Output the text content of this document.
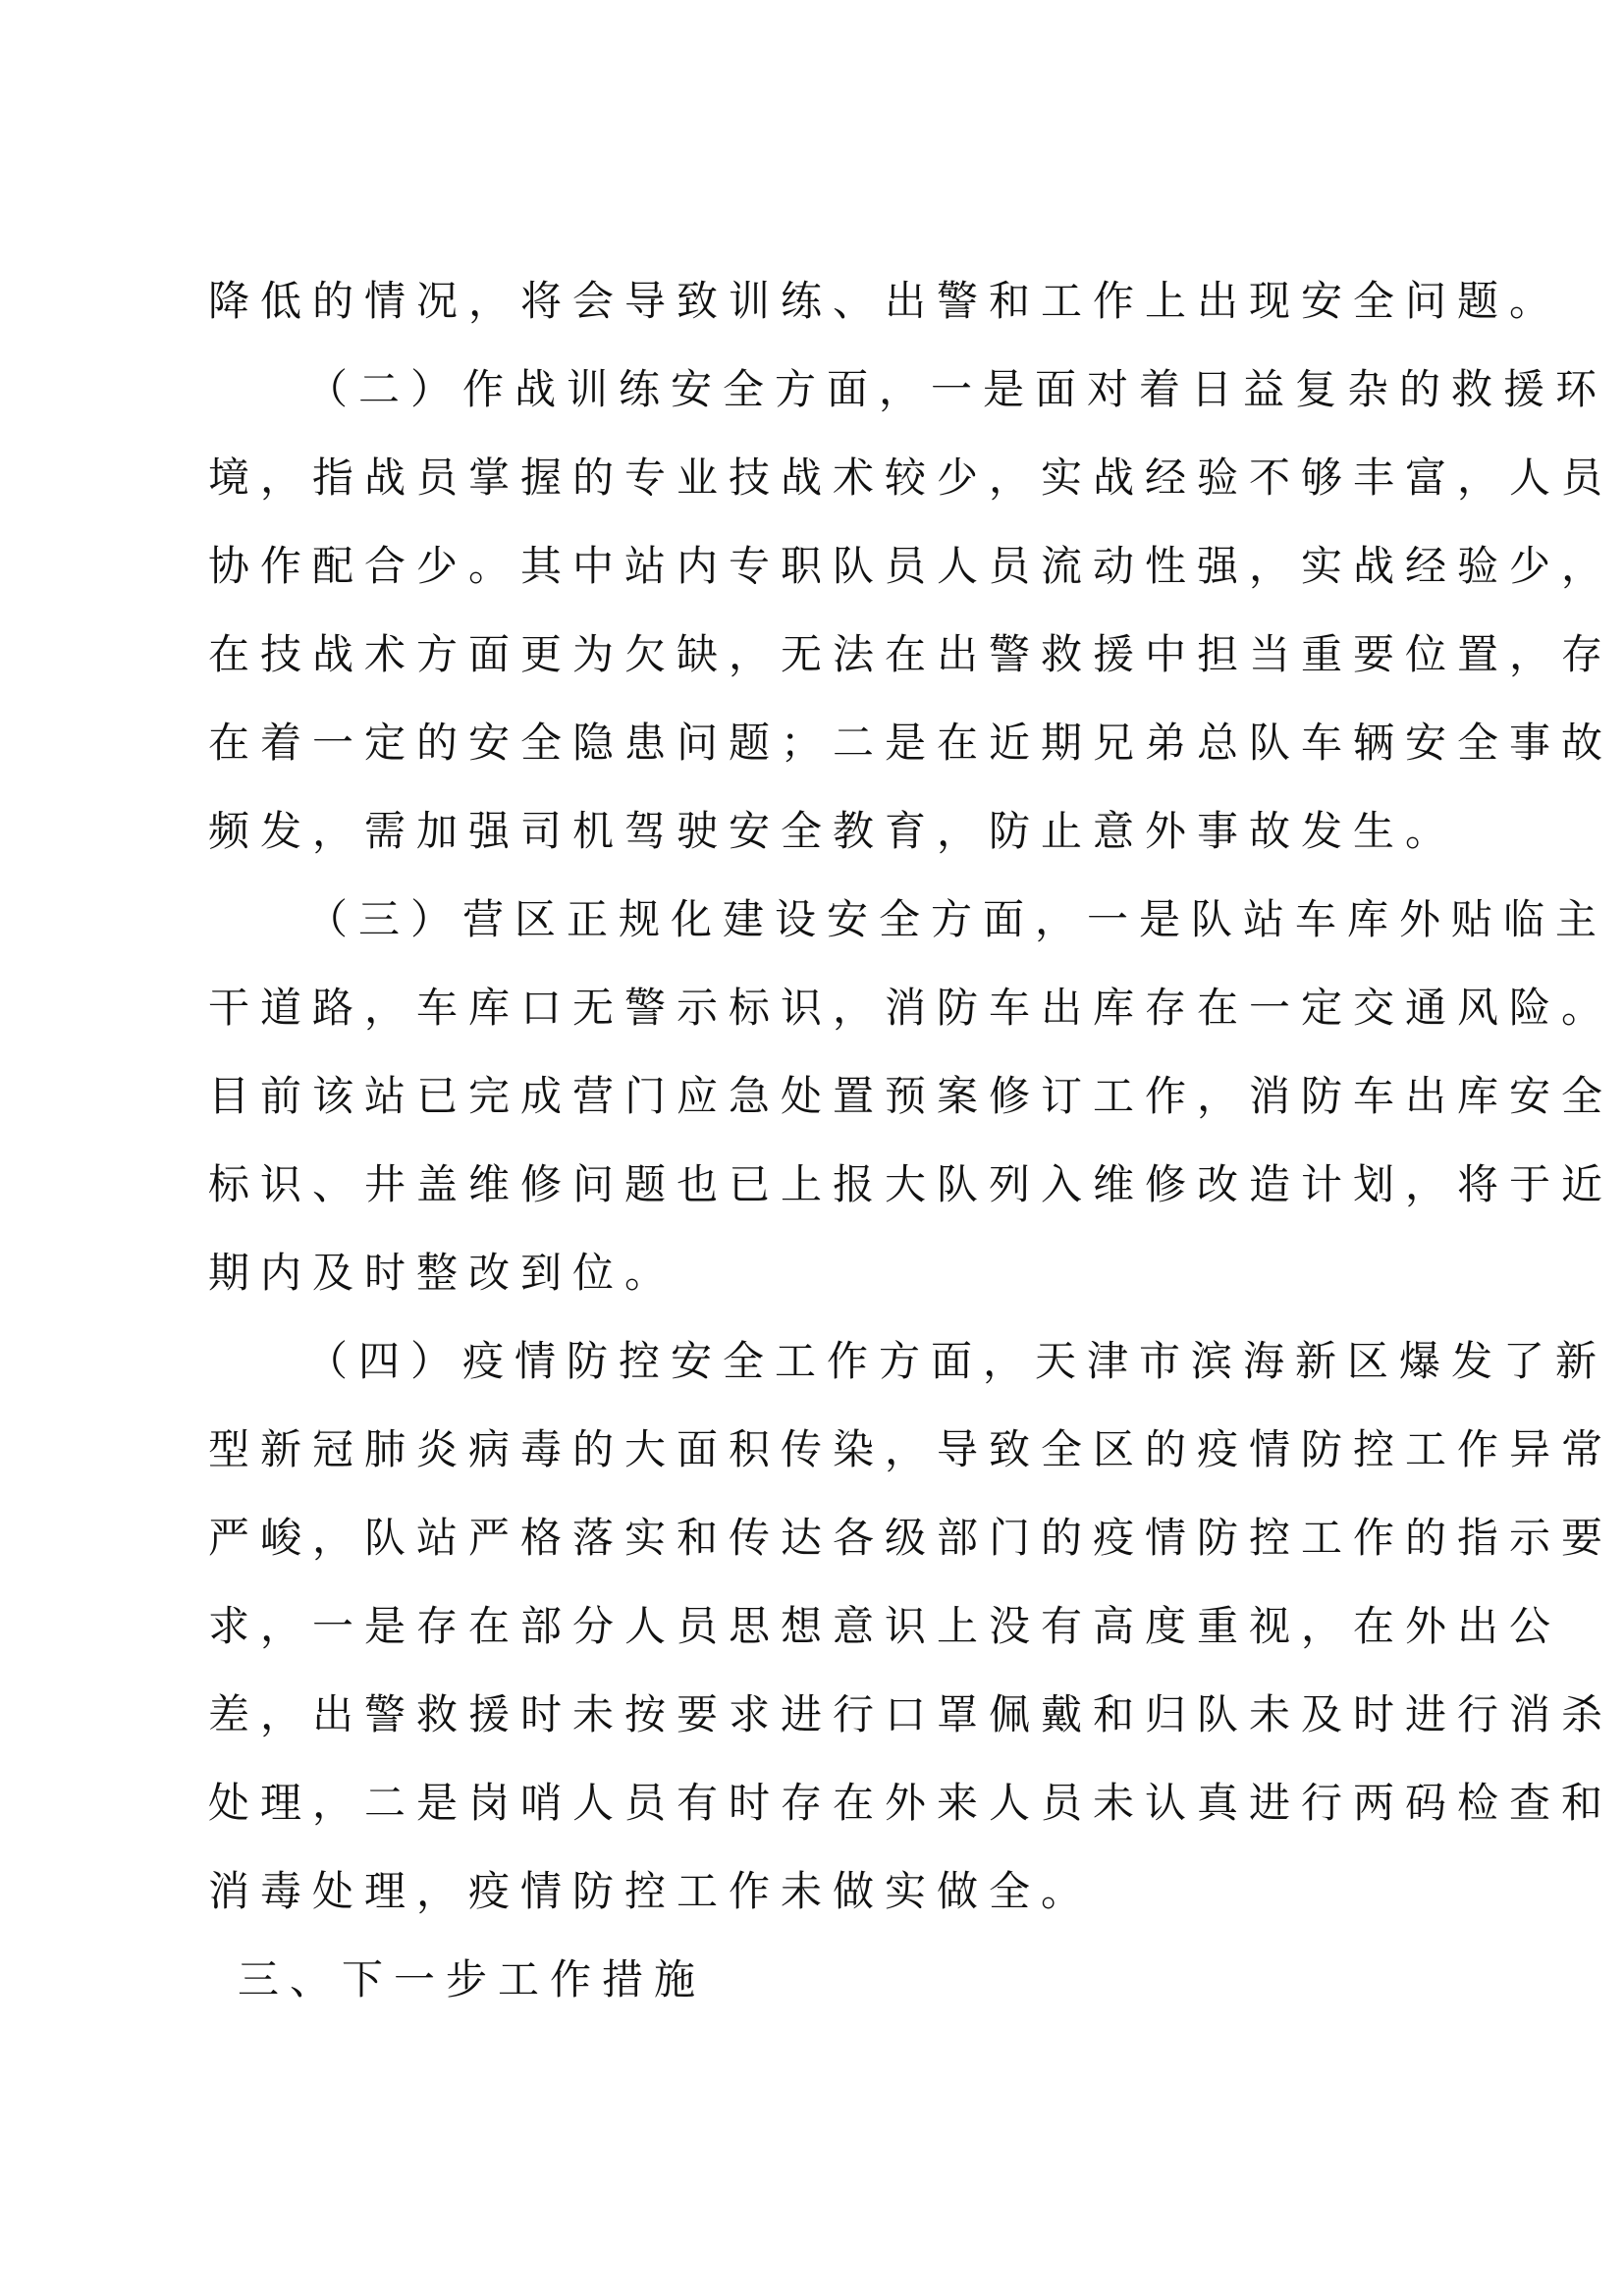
降低的情况，将会导致训练、出警和工作上出现安全问题。
（二）作战训练安全方面，一是面对着日益复杂的救援环
境，指战员掌握的专业技战术较少，实战经验不够丰富，人员
协作配合少。其中站内专职队员人员流动性强，实战经验少，
在技战术方面更为欠缺，无法在出警救援中担当重要位置，存
在着一定的安全隐患问题；二是在近期兄弟总队车辆安全事故
频发，需加强司机驾驶安全教育，防止意外事故发生。
（三）营区正规化建设安全方面，一是队站车库外贴临主
干道路，车库口无警示标识，消防车出库存在一定交通风险。
目前该站已完成营门应急处置预案修订工作，消防车出库安全
标识、井盖维修问题也已上报大队列入维修改造计划，将于近
期内及时整改到位。
（四）疫情防控安全工作方面，天津市滨海新区爆发了新
型新冠肺炎病毒的大面积传染，导致全区的疫情防控工作异常
严峻，队站严格落实和传达各级部门的疫情防控工作的指示要
求，一是存在部分人员思想意识上没有高度重视，在外出公
差，出警救援时未按要求进行口罩佩戴和归队未及时进行消杀
处理，二是岗哨人员有时存在外来人员未认真进行两码检查和
消毒处理，疫情防控工作未做实做全。
三、下一步工作措施
